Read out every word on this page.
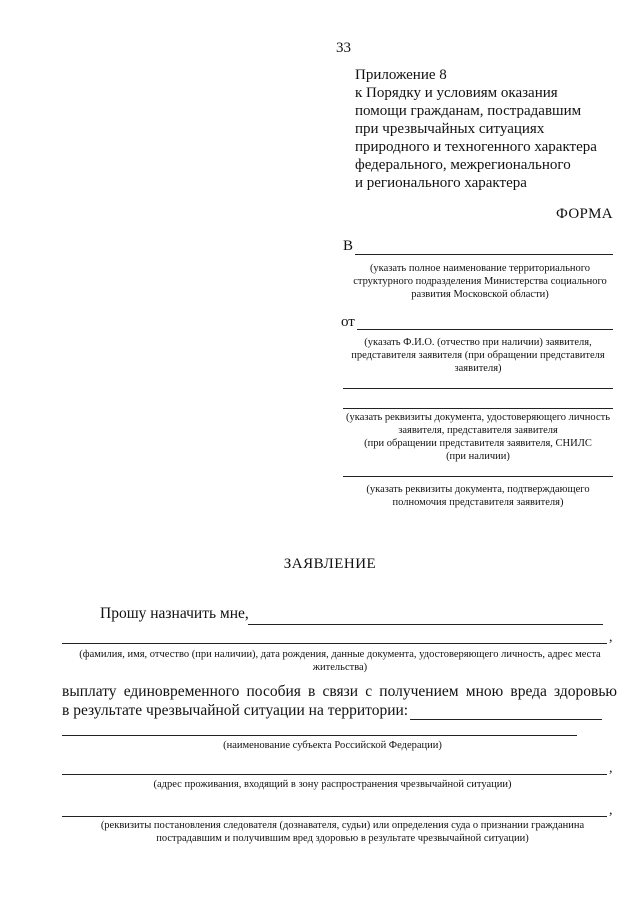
33
Приложение 8
к Порядку и условиям оказания
помощи гражданам, пострадавшим
при чрезвычайных ситуациях
природного и техногенного характера
федерального, межрегионального
и регионального характера
ФОРМА
В
(указать полное наименование территориального
структурного подразделения Министерства социального
развития Московской области)
от
(указать Ф.И.О. (отчество при наличии) заявителя,
представителя заявителя (при обращении представителя
заявителя)
(указать реквизиты документа, удостоверяющего личность
заявителя, представителя заявителя
(при обращении представителя заявителя, СНИЛС
(при наличии)
(указать реквизиты документа, подтверждающего
полномочия представителя заявителя)
ЗАЯВЛЕНИЕ
Прошу назначить мне,
,
(фамилия, имя, отчество (при наличии), дата рождения, данные документа, удостоверяющего личность, адрес места
жительства)
выплату единовременного пособия в связи с получением мною вреда здоровью
в результате чрезвычайной ситуации на территории:
(наименование субъекта Российской Федерации)
,
(адрес проживания, входящий в зону распространения чрезвычайной ситуации)
,
(реквизиты постановления следователя (дознавателя, судьи) или определения суда о признании гражданина
пострадавшим и получившим вред здоровью в результате чрезвычайной ситуации)
